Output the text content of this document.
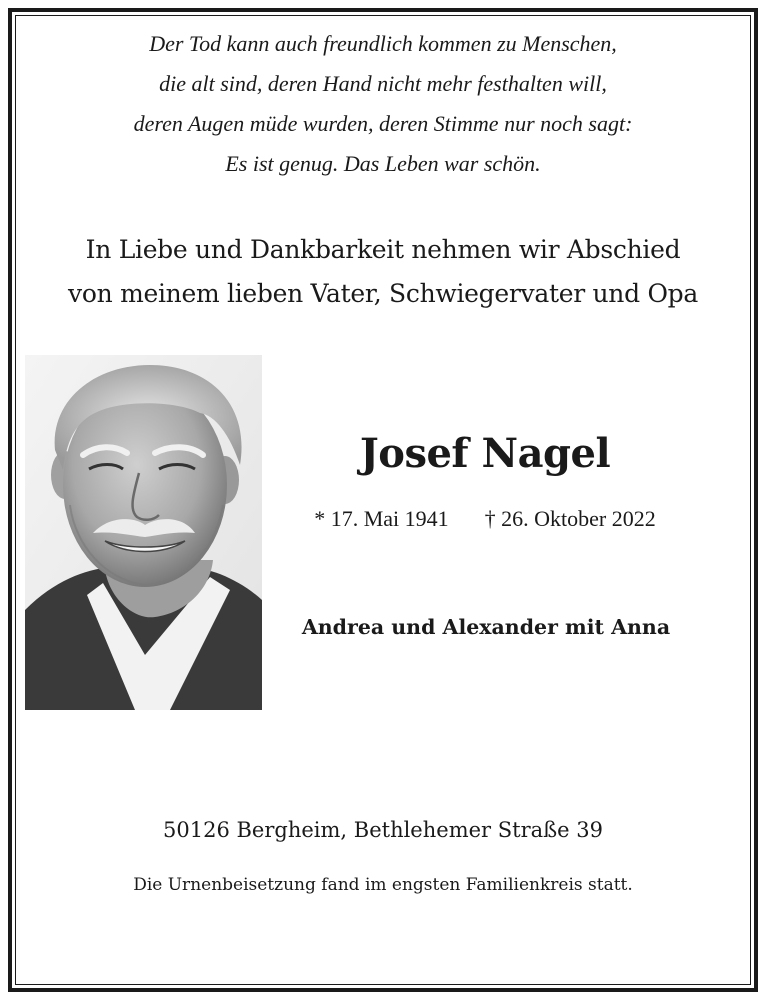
Der Tod kann auch freundlich kommen zu Menschen,
die alt sind, deren Hand nicht mehr festhalten will,
deren Augen müde wurden, deren Stimme nur noch sagt:
Es ist genug. Das Leben war schön.
In Liebe und Dankbarkeit nehmen wir Abschied
von meinem lieben Vater, Schwiegervater und Opa
Josef Nagel
* 17. Mai 1941 † 26. Oktober 2022
Andrea und Alexander mit Anna
50126 Bergheim, Bethlehemer Straße 39
Die Urnenbeisetzung fand im engsten Familienkreis statt.
